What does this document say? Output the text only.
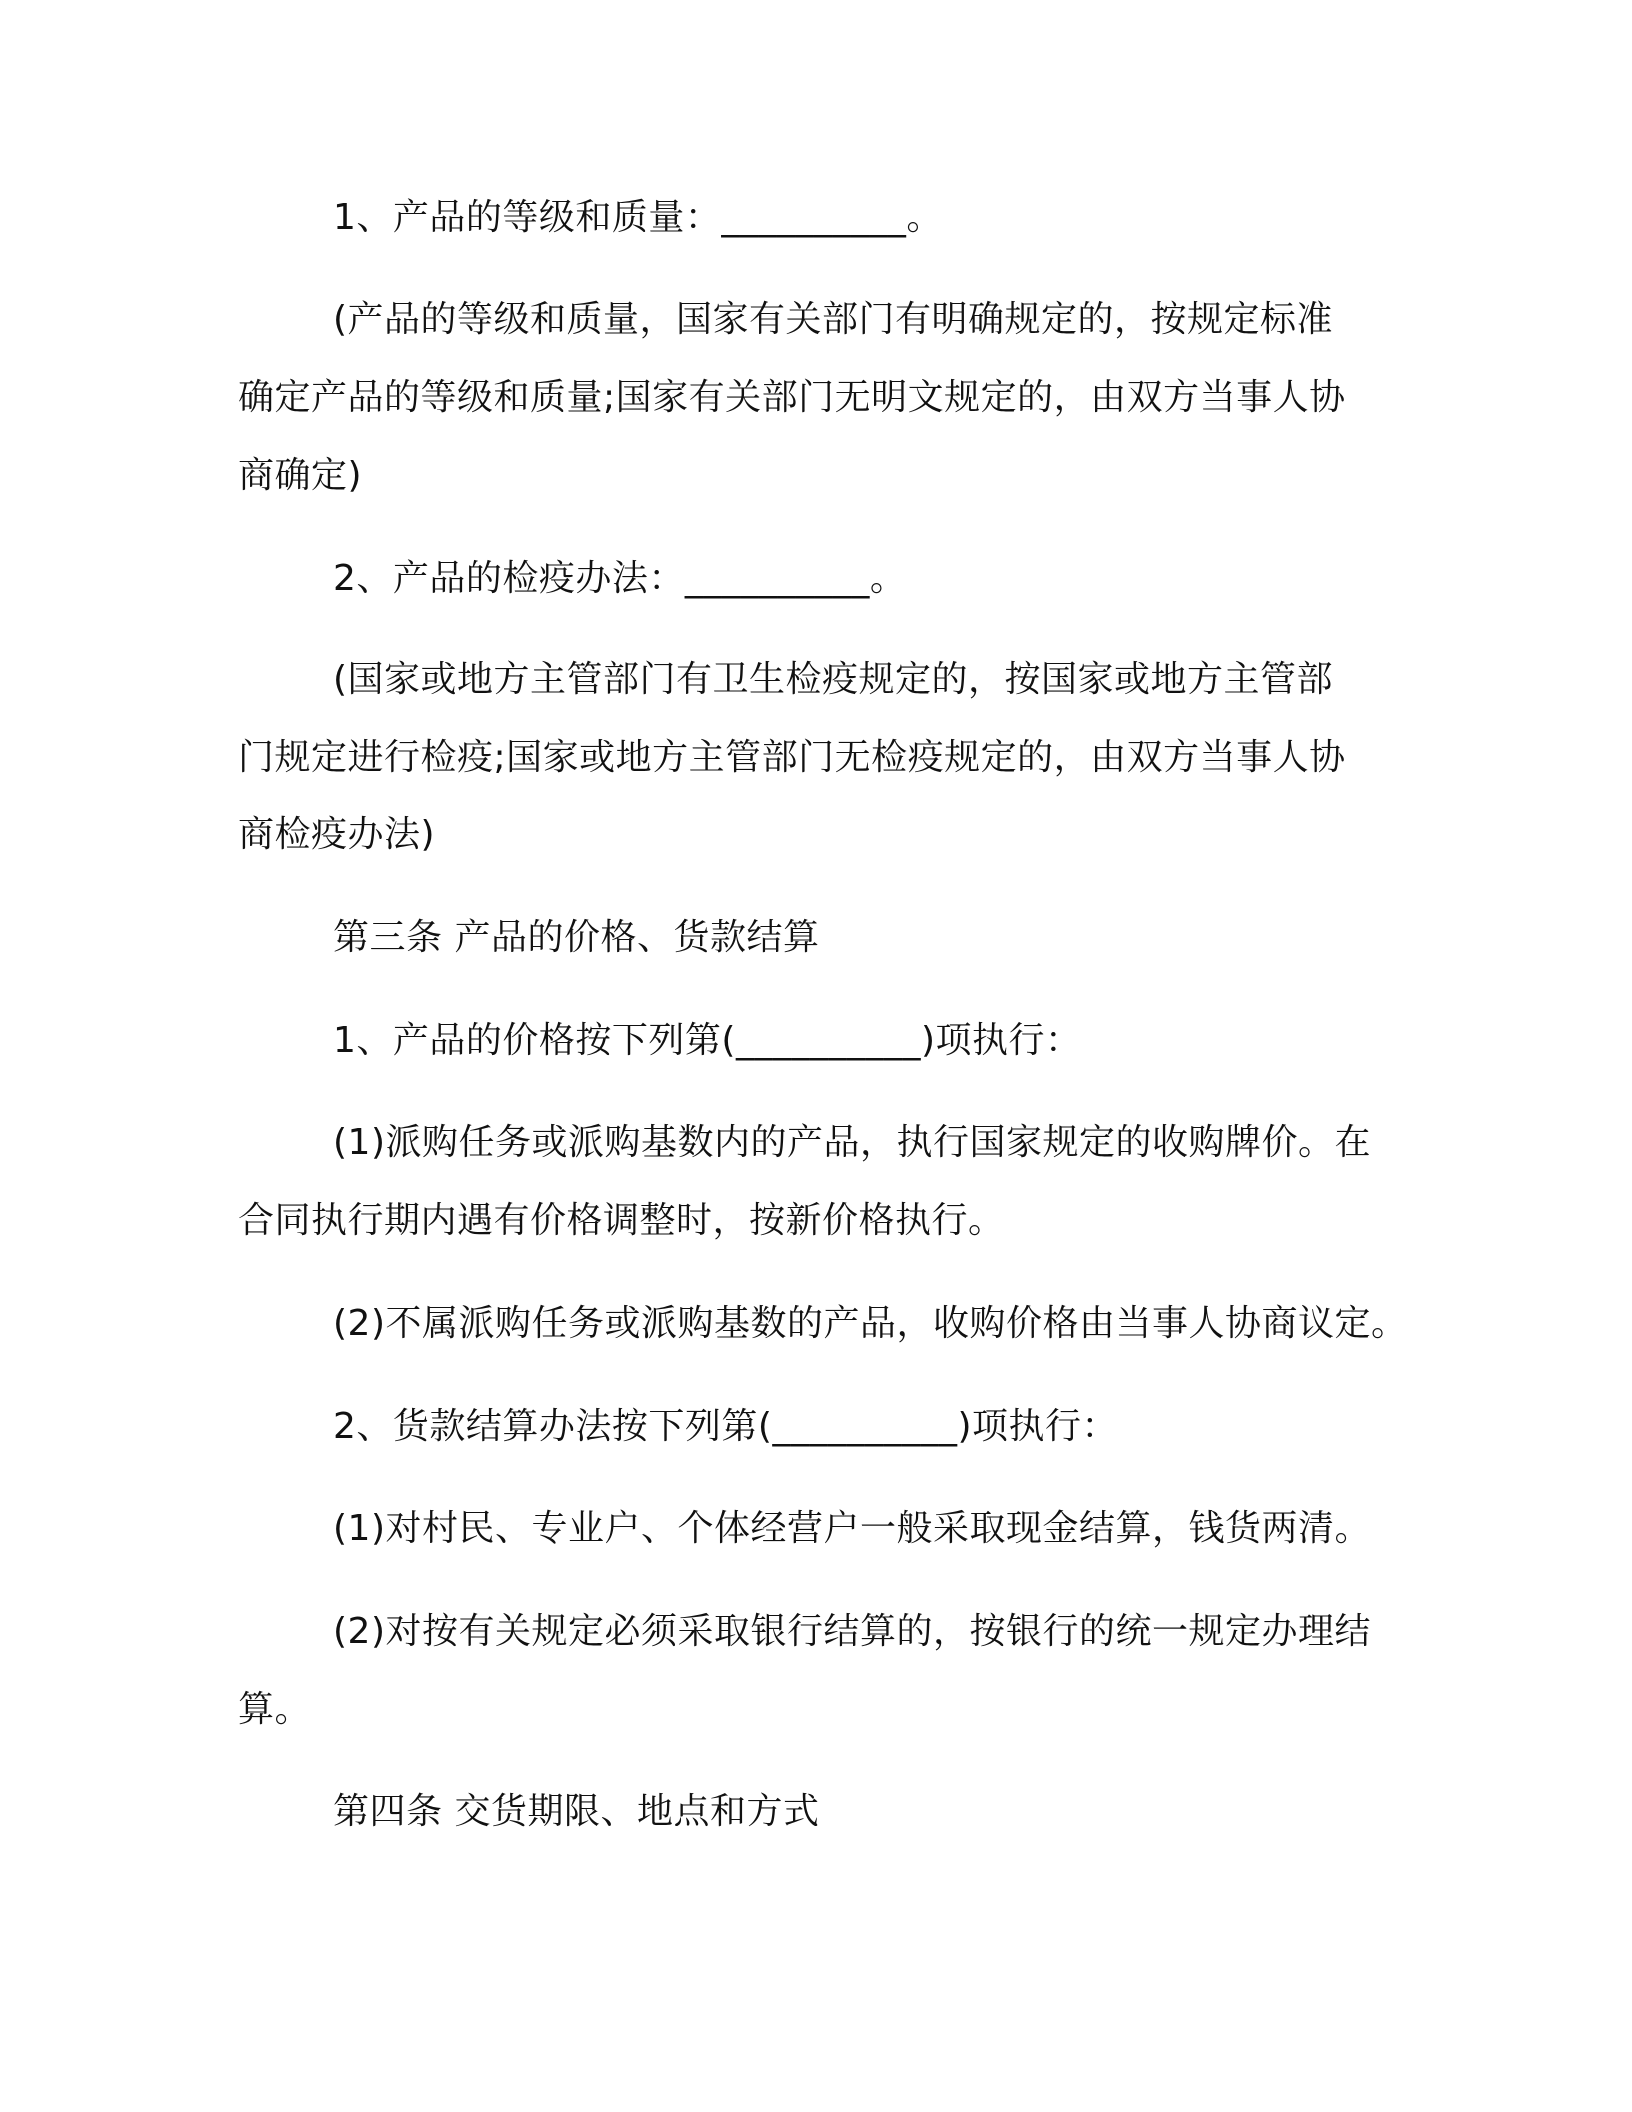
1、产品的等级和质量：__________。
(产品的等级和质量，国家有关部门有明确规定的，按规定标准
确定产品的等级和质量;国家有关部门无明文规定的，由双方当事人协
商确定)
2、产品的检疫办法：__________。
(国家或地方主管部门有卫生检疫规定的，按国家或地方主管部
门规定进行检疫;国家或地方主管部门无检疫规定的，由双方当事人协
商检疫办法)
第三条 产品的价格、货款结算
1、产品的价格按下列第(__________)项执行：
(1)派购任务或派购基数内的产品，执行国家规定的收购牌价。在
合同执行期内遇有价格调整时，按新价格执行。
(2)不属派购任务或派购基数的产品，收购价格由当事人协商议定。
2、货款结算办法按下列第(__________)项执行：
(1)对村民、专业户、个体经营户一般采取现金结算，钱货两清。
(2)对按有关规定必须采取银行结算的，按银行的统一规定办理结
算。
第四条 交货期限、地点和方式
